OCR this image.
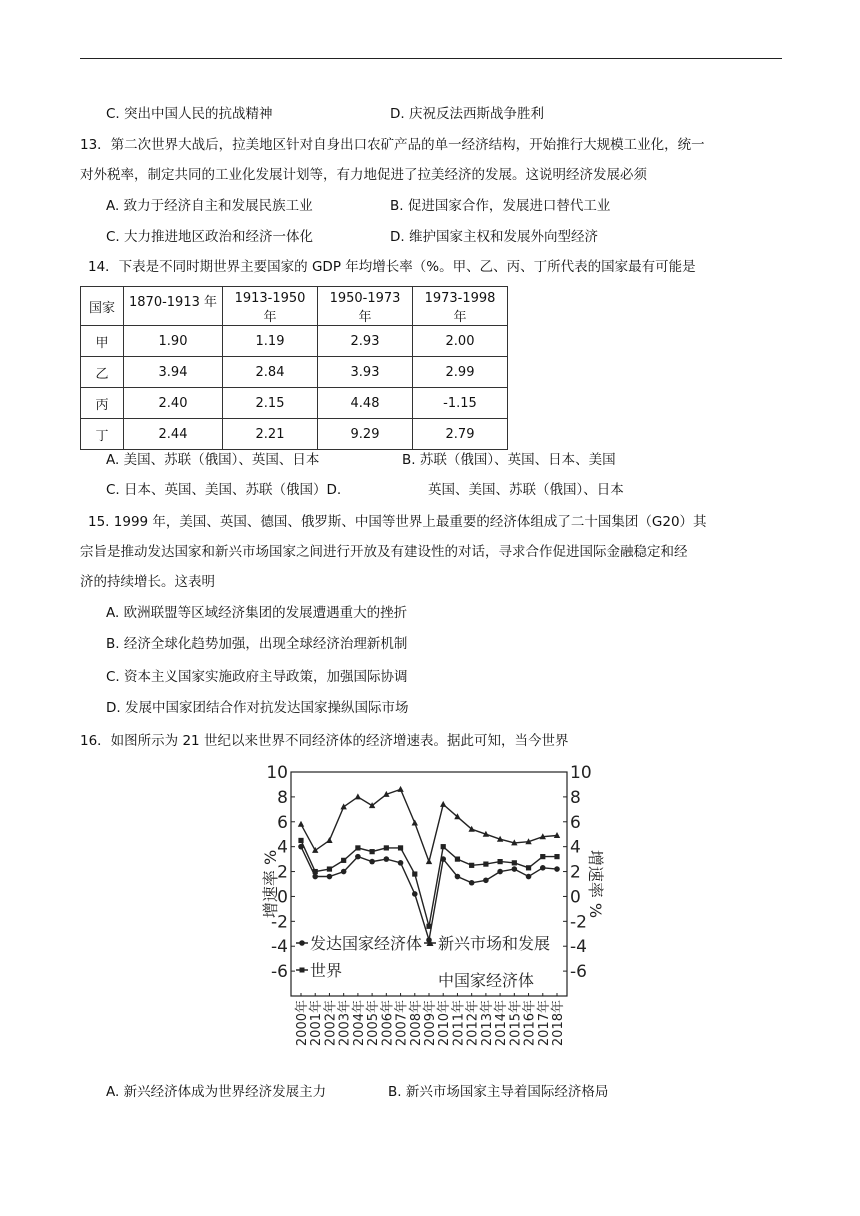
C. 突出中国人民的抗战精神	D. 庆祝反法西斯战争胜利
13．第二次世界大战后，拉美地区针对自身出口农矿产品的单一经济结构，开始推行大规模工业化，统一
对外税率，制定共同的工业化发展计划等，有力地促进了拉美经济的发展。这说明经济发展必须
A. 致力于经济自主和发展民族工业	B. 促进国家合作，发展进口替代工业
C. 大力推进地区政治和经济一体化	D. 维护国家主权和发展外向型经济
14．下表是不同时期世界主要国家的 GDP 年均增长率（%。甲、乙、丙、丁所代表的国家最有可能是
国家	1870-1913 年	1913-1950 年	1950-1973 年	1973-1998 年
甲	1.90	1.19	2.93	2.00
乙	3.94	2.84	3.93	2.99
丙	2.40	2.15	4.48	-1.15
丁	2.44	2.21	9.29	2.79
A. 美国、苏联（俄国）、英国、日本	B. 苏联（俄国）、英国、日本、美国
C. 日本、英国、美国、苏联（俄国）D.	英国、美国、苏联（俄国）、日本
15. 1999 年，美国、英国、德国、俄罗斯、中国等世界上最重要的经济体组成了二十国集团（G20）其
宗旨是推动发达国家和新兴市场国家之间进行开放及有建设性的对话，寻求合作促进国际金融稳定和经
济的持续增长。这表明
A. 欧洲联盟等区域经济集团的发展遭遇重大的挫折
B. 经济全球化趋势加强，出现全球经济治理新机制
C. 资本主义国家实施政府主导政策，加强国际协调
D. 发展中国家团结合作对抗发达国家操纵国际市场
16．如图所示为 21 世纪以来世界不同经济体的经济增速表。据此可知，当今世界
10	10
8	8
6	6
4	4
2	2
0	0
-2	-2
-4	-4
-6	-6
2000年 2001年 2002年 2003年 2004年 2005年 2006年 2007年 2008年 2009年 2010年 2011年 2012年 2013年 2014年 2015年 2016年 2017年 2018年
增速率 %	增速率 %
发达国家经济体 新兴市场和发展
中国家经济体
世界
A. 新兴经济体成为世界经济发展主力	B. 新兴市场国家主导着国际经济格局
